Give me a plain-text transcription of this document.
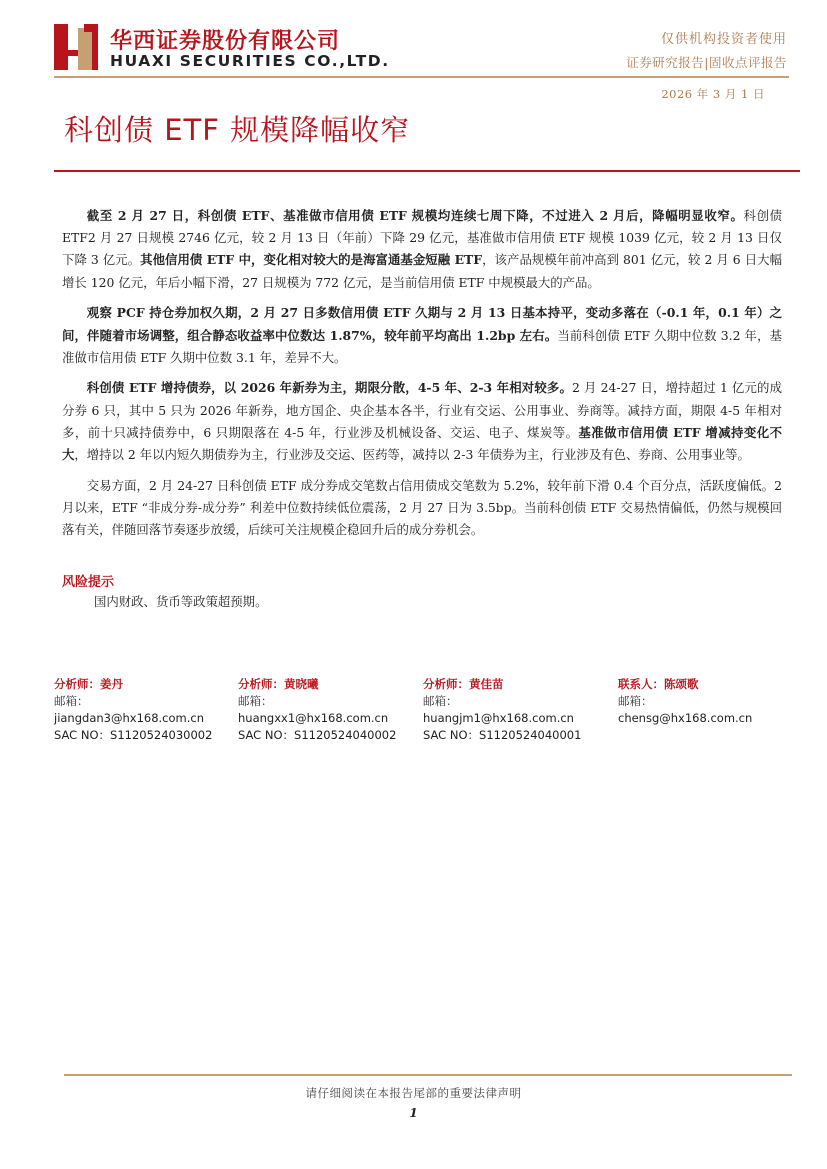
华西证券股份有限公司
HUAXI SECURITIES CO.,LTD.
仅供机构投资者使用
证券研究报告|固收点评报告
2026 年 3 月 1 日
科创债 ETF 规模降幅收窄

截至 2 月 27 日，科创债 ETF、基准做市信用债 ETF 规模均连续七周下降，不过进入 2 月后，降幅明显收窄。科创债 ETF2 月 27 日规模 2746 亿元，较 2 月 13 日（年前）下降 29 亿元，基准做市信用债 ETF 规模 1039 亿元，较 2 月 13 日仅下降 3 亿元。其他信用债 ETF 中，变化相对较大的是海富通基金短融 ETF，该产品规模年前冲高到 801 亿元，较 2 月 6 日大幅增长 120 亿元，年后小幅下滑，27 日规模为 772 亿元，是当前信用债 ETF 中规模最大的产品。

观察 PCF 持仓券加权久期，2 月 27 日多数信用债 ETF 久期与 2 月 13 日基本持平，变动多落在（-0.1 年，0.1 年）之间，伴随着市场调整，组合静态收益率中位数达 1.87%，较年前平均高出 1.2bp 左右。当前科创债 ETF 久期中位数 3.2 年，基准做市信用债 ETF 久期中位数 3.1 年，差异不大。

科创债 ETF 增持债券，以 2026 年新券为主，期限分散，4-5 年、2-3 年相对较多。2 月 24-27 日，增持超过 1 亿元的成分券 6 只，其中 5 只为 2026 年新券，地方国企、央企基本各半，行业有交运、公用事业、券商等。减持方面，期限 4-5 年相对多，前十只减持债券中，6 只期限落在 4-5 年，行业涉及机械设备、交运、电子、煤炭等。基准做市信用债 ETF 增减持变化不大，增持以 2 年以内短久期债券为主，行业涉及交运、医药等，减持以 2-3 年债券为主，行业涉及有色、券商、公用事业等。

交易方面，2 月 24-27 日科创债 ETF 成分券成交笔数占信用债成交笔数为 5.2%，较年前下滑 0.4 个百分点，活跃度偏低。2 月以来，ETF “非成分券-成分券” 利差中位数持续低位震荡，2 月 27 日为 3.5bp。当前科创债 ETF 交易热情偏低，仍然与规模回落有关，伴随回落节奏逐步放缓，后续可关注规模企稳回升后的成分券机会。

风险提示
国内财政、货币等政策超预期。
分析师：姜丹
邮箱：
jiangdan3@hx168.com.cn
SAC NO：S1120524030002
分析师：黄晓曦
邮箱：
huangxx1@hx168.com.cn
SAC NO：S1120524040002
分析师：黄佳苗
邮箱：
huangjm1@hx168.com.cn
SAC NO：S1120524040001
联系人：陈颂歌
邮箱：
chensg@hx168.com.cn
请仔细阅读在本报告尾部的重要法律声明
1
